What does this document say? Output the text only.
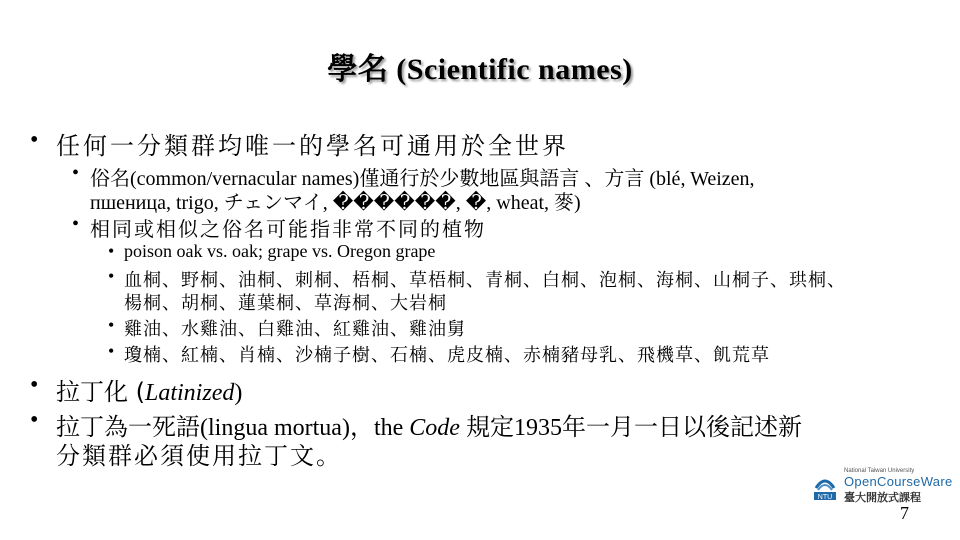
學名 (Scientific names)
• 任何一分類群均唯一的學名可通用於全世界
• 俗名(common/vernacular names)僅通行於少數地區與語言 、方言 (blé, Weizen,
пшеница, trigo, チェンマイ, ������, �, wheat, 麥)
• 相同或相似之俗名可能指非常不同的植物
• poison oak vs. oak; grape vs. Oregon grape
• 血桐、野桐、油桐、刺桐、梧桐、草梧桐、青桐、白桐、泡桐、海桐、山桐子、珙桐、
楊桐、胡桐、蓮葉桐、草海桐、大岩桐
• 雞油、水雞油、白雞油、紅雞油、雞油舅
• 瓊楠、紅楠、肖楠、沙楠子樹、石楠、虎皮楠、赤楠豬母乳、飛機草、飢荒草
• 拉丁化 (Latinized)
• 拉丁為一死語(lingua mortua)，the Code 規定1935年一月一日以後記述新
分類群必須使用拉丁文。
NTU
National Taiwan University
OpenCourseWare
臺大開放式課程
7
